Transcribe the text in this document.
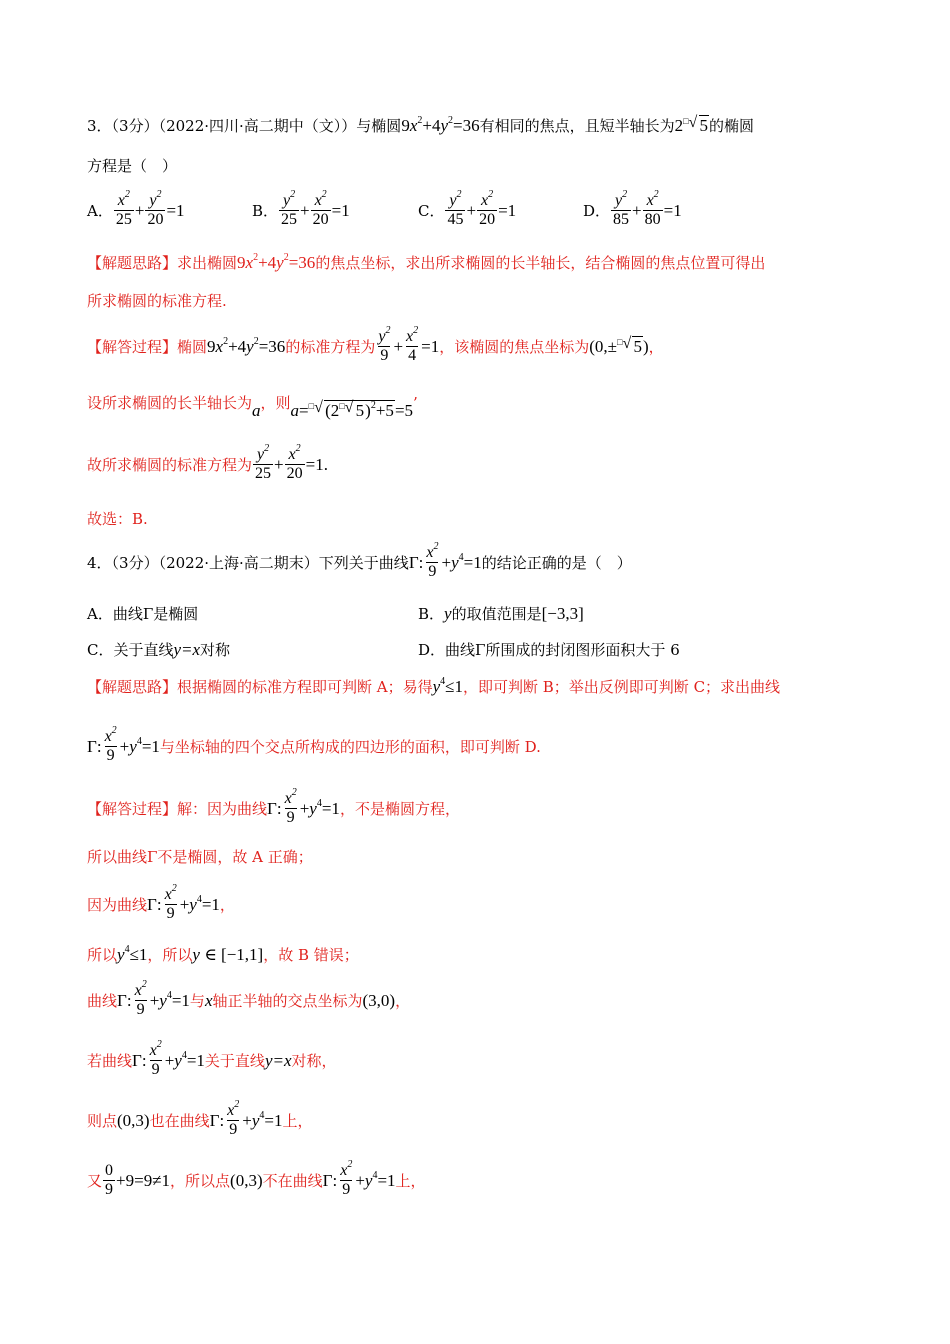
3．（3分）（2022·四川·高二期中（文））与椭圆 $9x^2+4y^2=36$ 有相同的焦点，且短半轴长为 2□ √ 5 的椭圆
方程是（　）
A． $\frac{x^2}{25} + \frac{y^2}{20} =1$	B． $\frac{y^2}{25} + \frac{x^2}{20} =1$	C． $\frac{y^2}{45} + \frac{x^2}{20} =1$	D． $\frac{y^2}{85} + \frac{x^2}{80} =1$
【解题思路】 求出椭圆 $9x^2+4y^2=36$ 的焦点坐标，求出所求椭圆的长半轴长，结合椭圆的焦点位置可得出
所求椭圆的标准方程.
【解答过程】 椭圆 $9x^2+4y^2=36$ 的标准方程为 $\frac{y^2}{9} + \frac{x^2}{4} =1$ ，该椭圆的焦点坐标为 (0,±□ √ 5) ，
设所求椭圆的长半轴长为 a ，则 a=□ √ (2□ √ 5)$^2$+5=5 ’
故所求椭圆的标准方程为 $\frac{y^2}{25} + \frac{x^2}{20} =1$.
故选：B.
4．（3分）（2022·上海·高二期末）下列关于曲线 Γ: $\frac{x^2}{9} +y^4=1$ 的结论正确的是（　）
A．曲线Γ是椭圆	B． y 的取值范围是 [−3,3]
C．关于直线 y=x 对称	D．曲线Γ所围成的封闭图形面积大于 6
【解题思路】 根据椭圆的标准方程即可判断 A；易得 $y^4\le 1$ ，即可判断 B；举出反例即可判断 C；求出曲线
Γ: $\frac{x^2}{9} +y^4=1$ 与坐标轴的四个交点所构成的四边形的面积，即可判断 D.
【解答过程】 解：因为曲线 Γ: $\frac{x^2}{9} +y^4=1$ ，不是椭圆方程，
所以曲线Γ不是椭圆，故 A 正确；
因为曲线 Γ: $\frac{x^2}{9} +y^4=1$ ，
所以 $y^4\le 1$ ，所以 y ∈ [−1,1] ，故 B 错误；
曲线 Γ: $\frac{x^2}{9} +y^4=1$ 与 x 轴正半轴的交点坐标为 (3,0) ，
若曲线 Γ: $\frac{x^2}{9} +y^4=1$ 关于直线 y=x 对称，
则点 (0,3) 也在曲线 Γ: $\frac{x^2}{9} +y^4=1$ 上，
又 $\frac{0}{9} +9=9\ne 1$ ，所以点 (0,3) 不在曲线 Γ: $\frac{x^2}{9} +y^4=1$ 上，
